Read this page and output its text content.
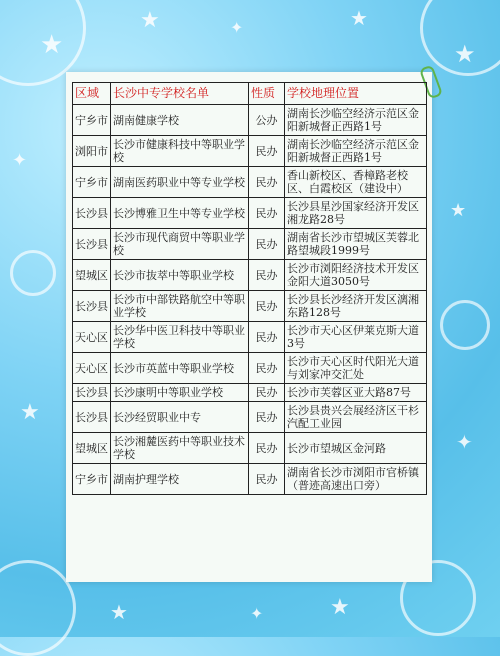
★
★	✦	★
★
✦
★
★
✦
★	✦	★
区域	长沙中专学校名单	性质	学校地理位置
宁乡市	湖南健康学校	公办	湖南长沙临空经济示范区金阳新城督正西路1号
浏阳市	长沙市健康科技中等职业学校	民办	湖南长沙临空经济示范区金阳新城督正西路1号
宁乡市	湖南医药职业中等专业学校	民办	香山新校区、香樟路老校区、白霞校区（建设中）
长沙县	长沙博雅卫生中等专业学校	民办	长沙县星沙国家经济开发区湘龙路28号
长沙县	长沙市现代商贸中等职业学校	民办	湖南省长沙市望城区芙蓉北路望城段1999号
望城区	长沙市抜萃中等职业学校	民办	长沙市浏阳经济技术开发区金阳大道3050号
长沙县	长沙市中部铁路航空中等职业学校	民办	长沙县长沙经济开发区漓湘东路128号
天心区	长沙华中医卫科技中等职业学校	民办	长沙市天心区伊莱克斯大道3号
天心区	长沙市英蓝中等职业学校	民办	长沙市天心区时代阳光大道与刘家冲交汇处
长沙县	长沙康明中等职业学校	民办	长沙市芙蓉区亚大路87号
长沙县	长沙经贸职业中专	民办	长沙县贵兴会展经济区干杉汽配工业园
望城区	长沙湘麓医药中等职业技术学校	民办	长沙市望城区金河路
宁乡市	湖南护理学校	民办	湖南省长沙市浏阳市官桥镇（普迹高速出口旁）
